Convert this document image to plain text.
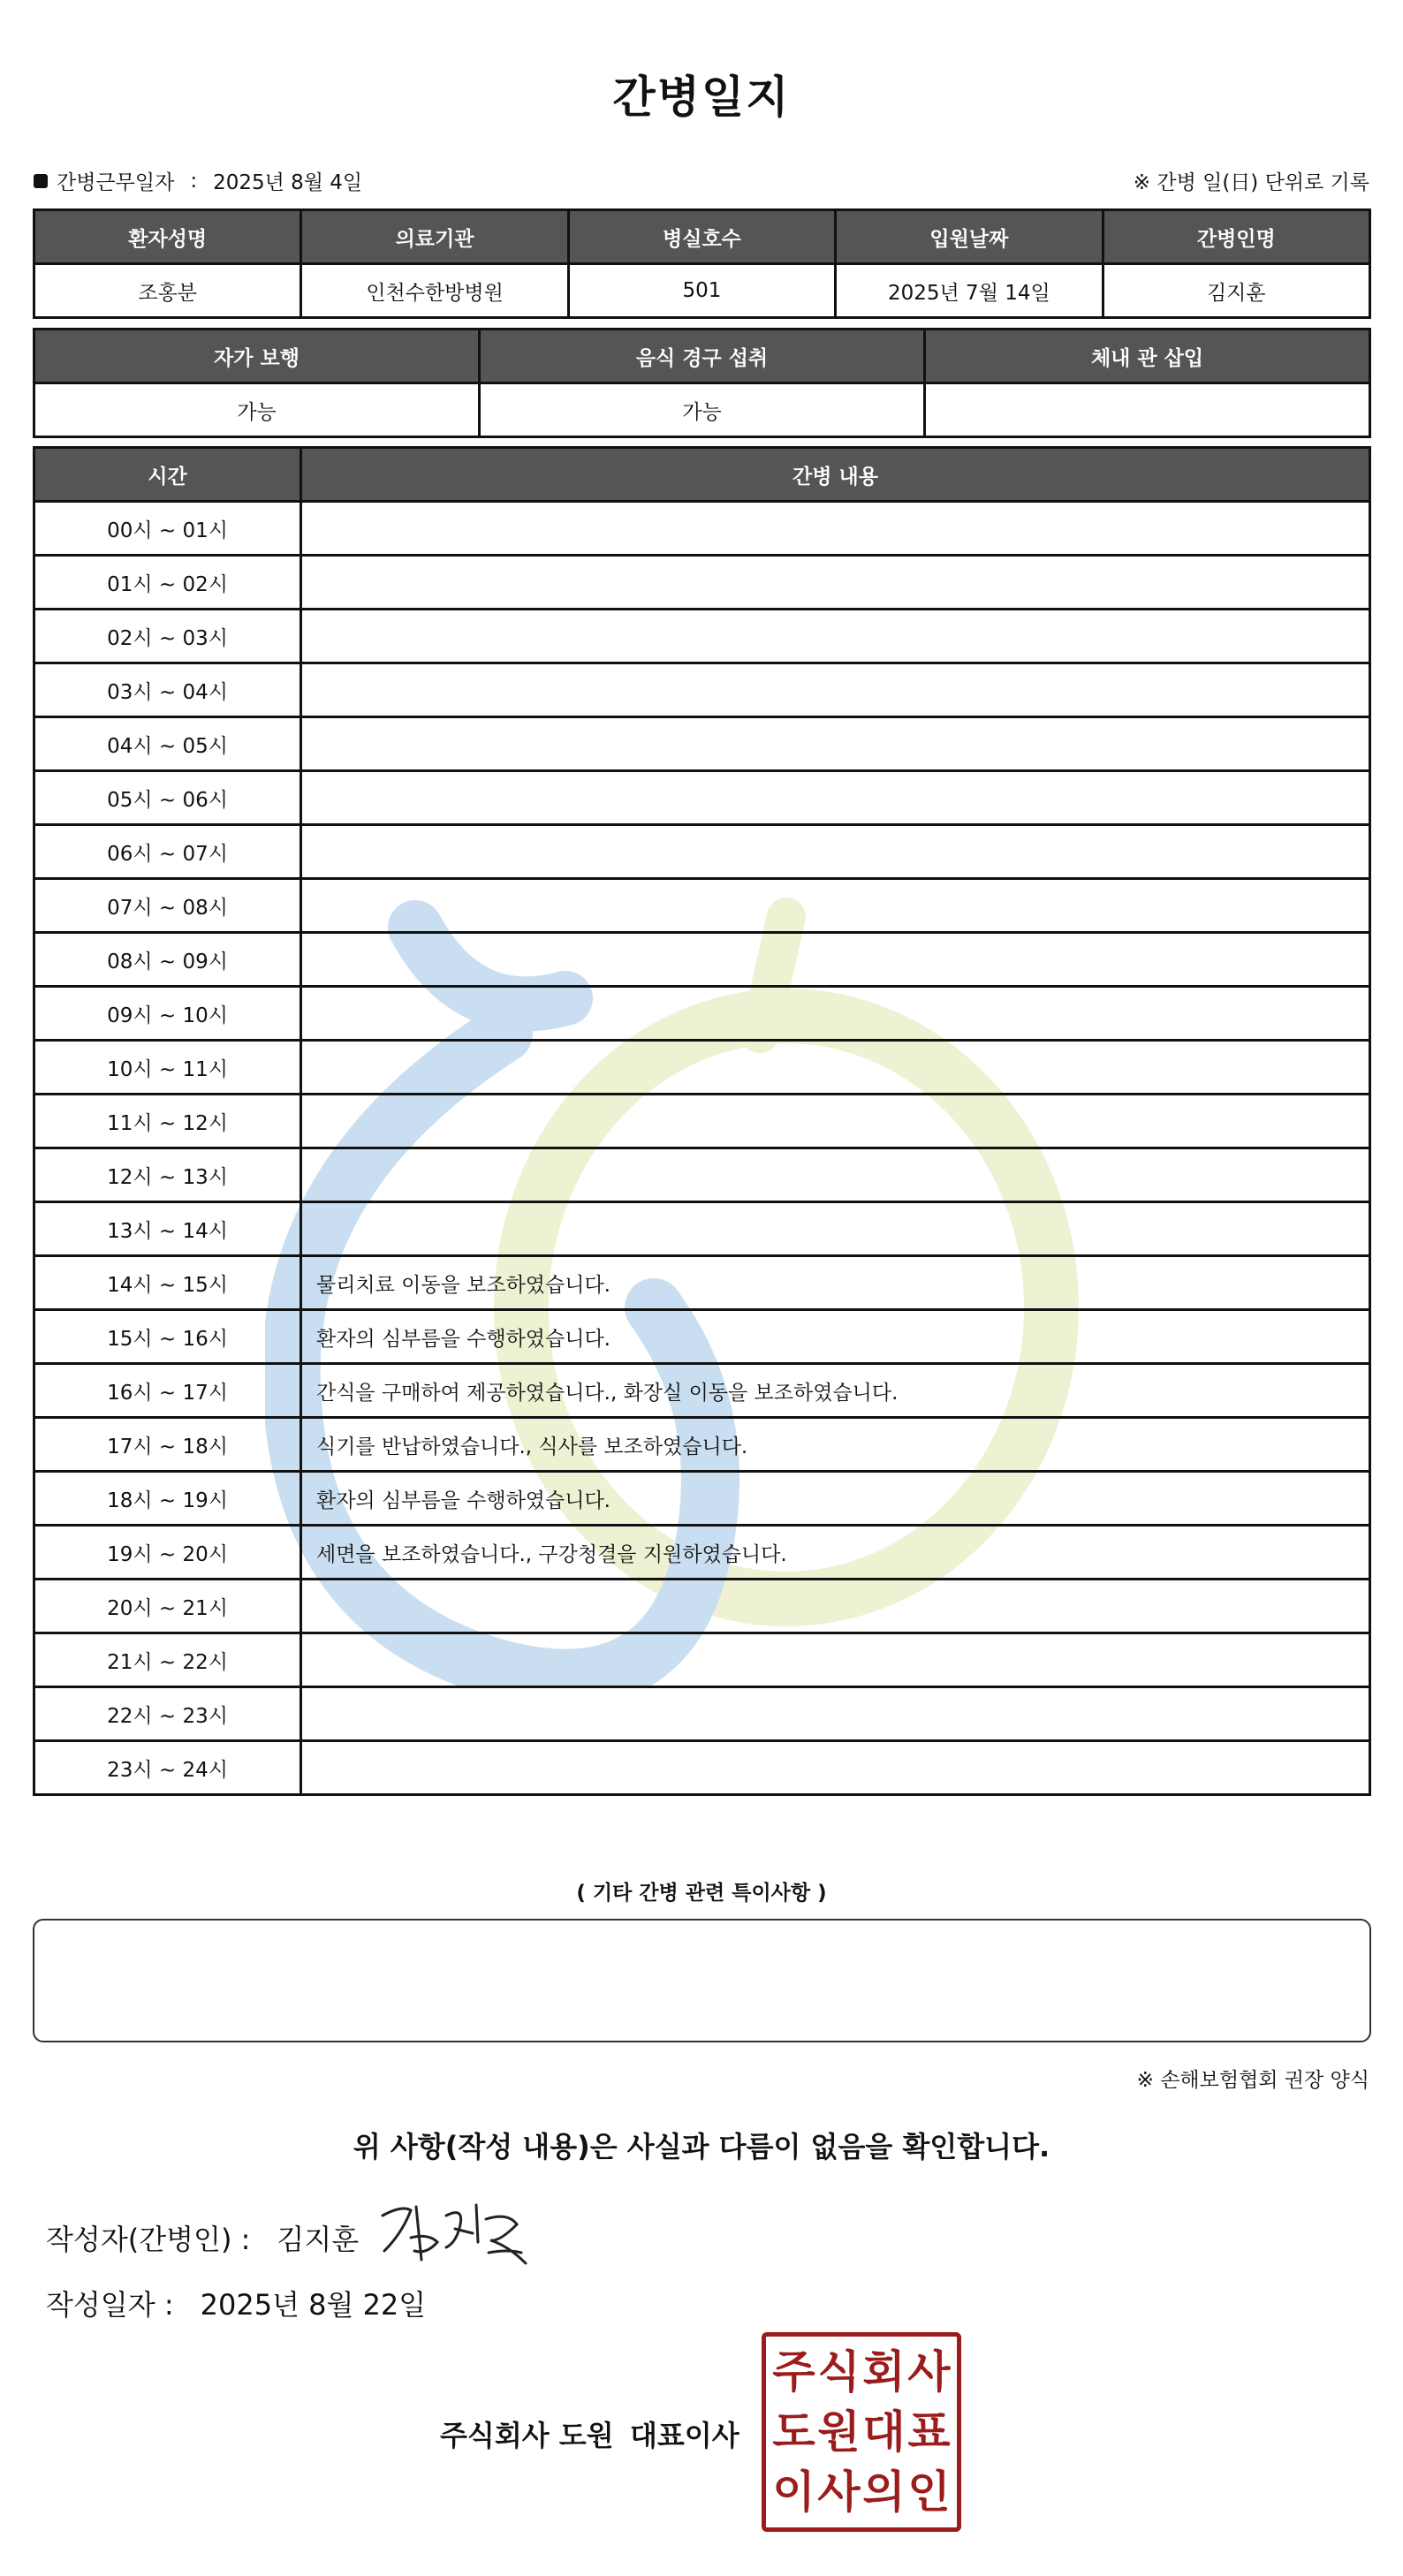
간병일지
간병근무일자 : 2025년 8월 4일	※ 간병 일(日) 단위로 기록
환자성명	의료기관	병실호수	입원날짜	간병인명
조홍분	인천수한방병원	501	2025년 7월 14일	김지훈
자가 보행	음식 경구 섭취	체내 관 삽입
가능	가능	
시간	간병 내용
00시 ~ 01시	
01시 ~ 02시	
02시 ~ 03시	
03시 ~ 04시	
04시 ~ 05시	
05시 ~ 06시	
06시 ~ 07시	
07시 ~ 08시	
08시 ~ 09시	
09시 ~ 10시	
10시 ~ 11시	
11시 ~ 12시	
12시 ~ 13시	
13시 ~ 14시	
14시 ~ 15시	물리치료 이동을 보조하였습니다.
15시 ~ 16시	환자의 심부름을 수행하였습니다.
16시 ~ 17시	간식을 구매하여 제공하였습니다., 화장실 이동을 보조하였습니다.
17시 ~ 18시	식기를 반납하였습니다., 식사를 보조하였습니다.
18시 ~ 19시	환자의 심부름을 수행하였습니다.
19시 ~ 20시	세면을 보조하였습니다., 구강청결을 지원하였습니다.
20시 ~ 21시	
21시 ~ 22시	
22시 ~ 23시	
23시 ~ 24시	
( 기타 간병 관련 특이사항 )
※ 손해보험협회 권장 양식
위 사항(작성 내용)은 사실과 다름이 없음을 확인합니다.
작성자(간병인) : 김지훈
작성일자 : 2025년 8월 22일
주식회사 도원 대표이사
주 식 회 사
도 원 대 표
이 사 의 인
